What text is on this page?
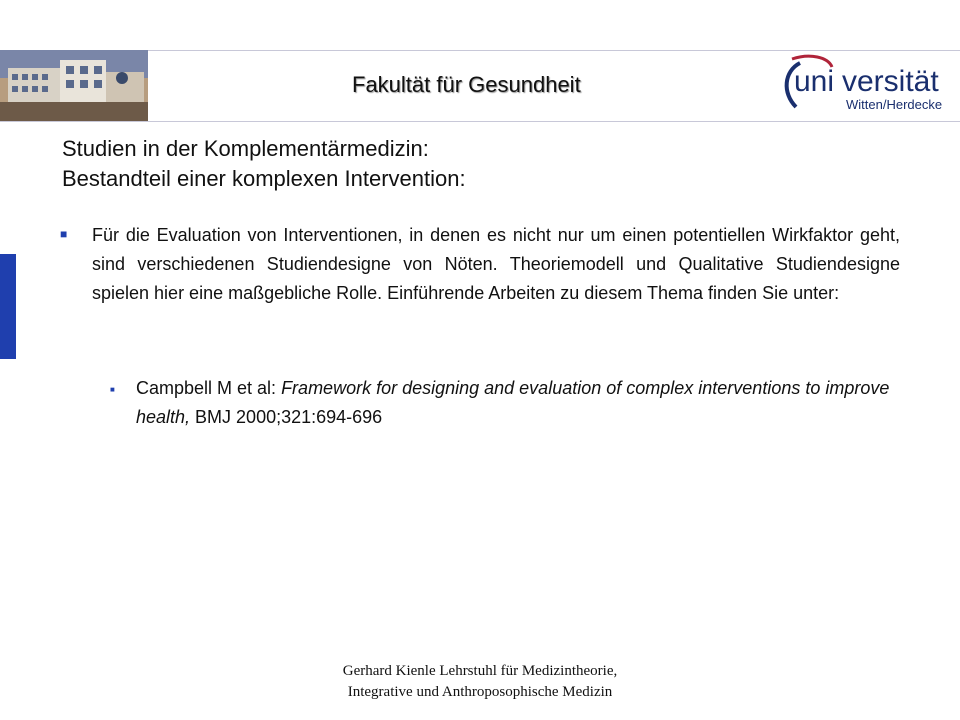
Fakultät für Gesundheit	uni versität
Witten/Herdecke
Studien in der Komplementärmedizin:
Bestandteil einer komplexen Intervention:
■	Für die Evaluation von Interventionen, in denen es nicht nur um einen potentiellen Wirkfaktor geht, sind verschiedenen Studiendesigne von Nöten. Theoriemodell und Qualitative Studiendesigne spielen hier eine maßgebliche Rolle. Einführende Arbeiten zu diesem Thema finden Sie unter:
■	Campbell M et al: Framework for designing and evaluation of complex interventions to improve health, BMJ 2000;321:694-696
Gerhard Kienle Lehrstuhl für Medizintheorie,
Integrative und Anthroposophische Medizin
